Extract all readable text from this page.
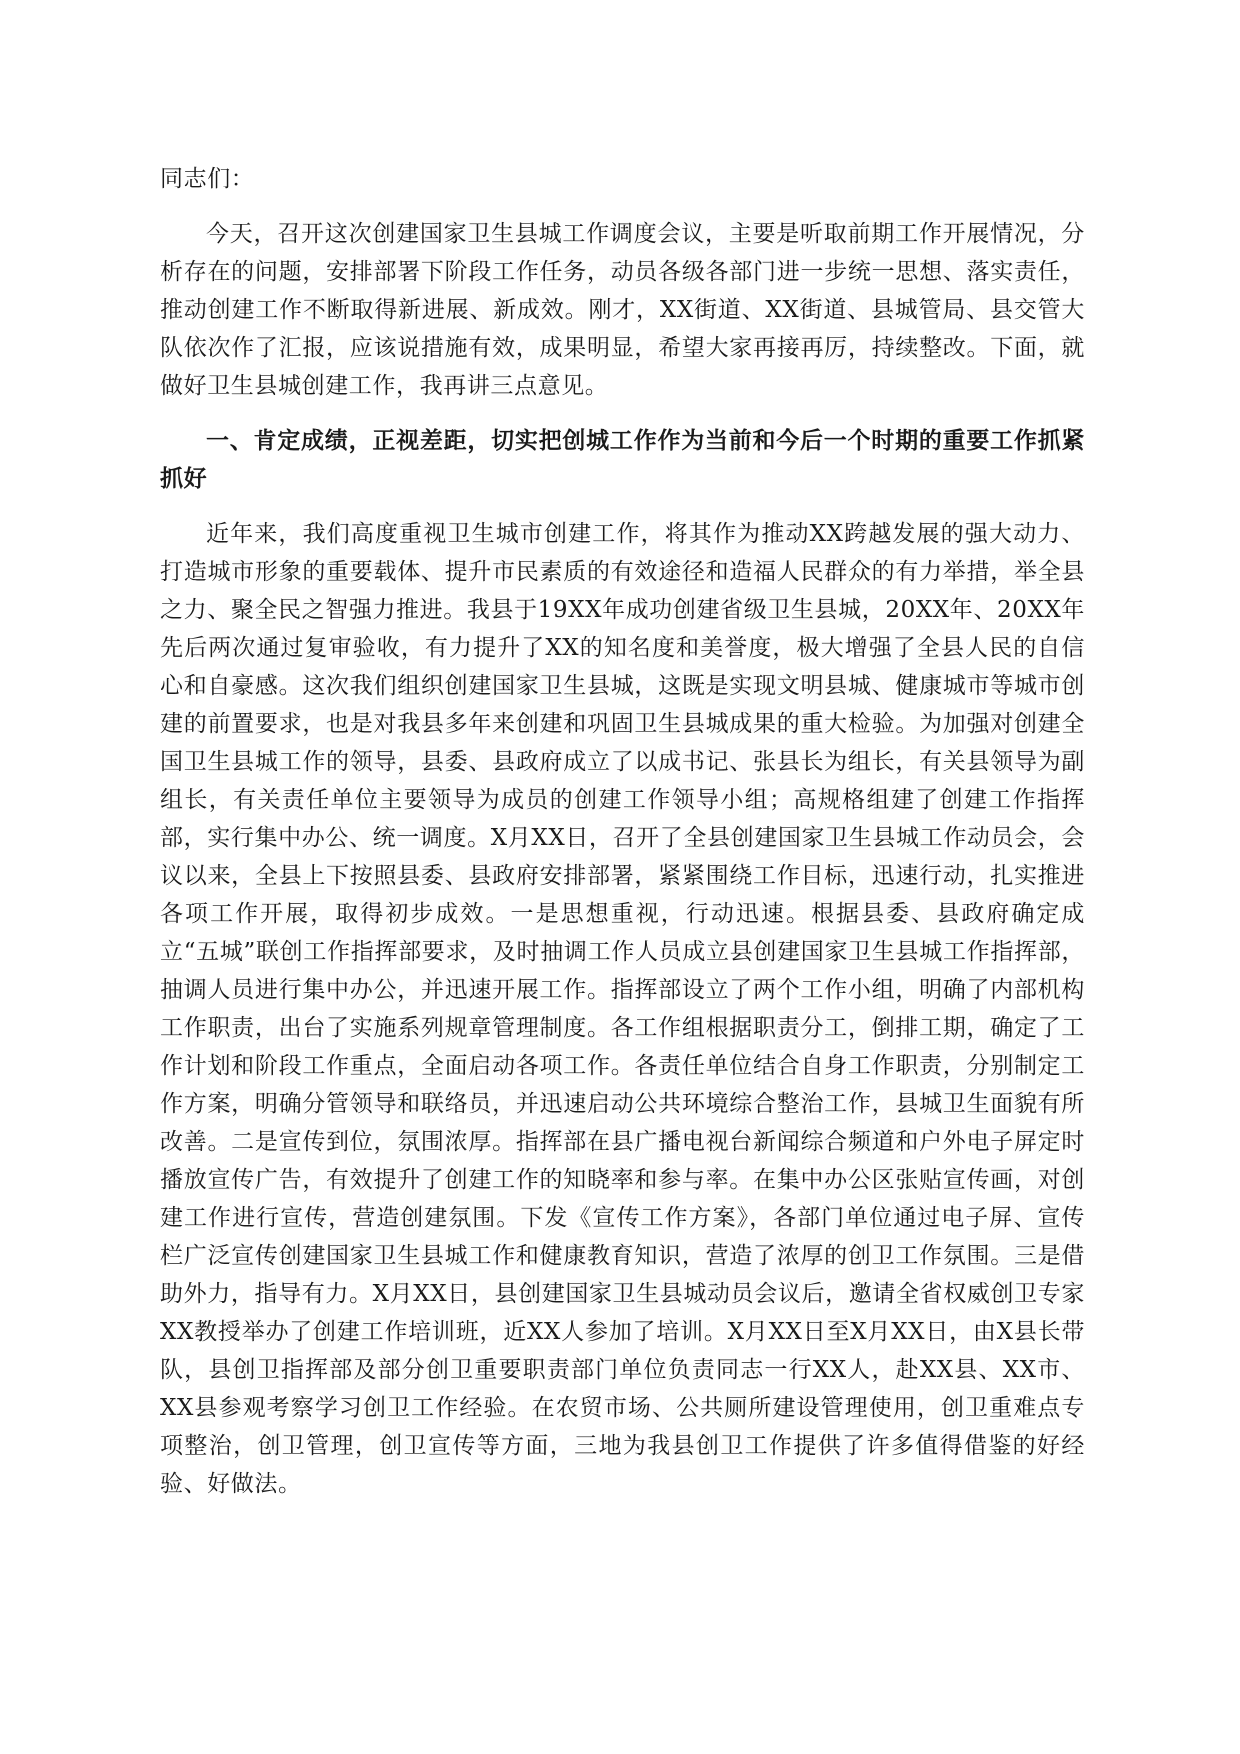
同志们：

今天，召开这次创建国家卫生县城工作调度会议，主要是听取前期工作开展情况，分析存在的问题，安排部署下阶段工作任务，动员各级各部门进一步统一思想、落实责任，推动创建工作不断取得新进展、新成效。刚才，XX街道、XX街道、县城管局、县交管大队依次作了汇报，应该说措施有效，成果明显，希望大家再接再厉，持续整改。下面，就做好卫生县城创建工作，我再讲三点意见。

一、肯定成绩，正视差距，切实把创城工作作为当前和今后一个时期的重要工作抓紧抓好

近年来，我们高度重视卫生城市创建工作，将其作为推动XX跨越发展的强大动力、打造城市形象的重要载体、提升市民素质的有效途径和造福人民群众的有力举措，举全县之力、聚全民之智强力推进。我县于19XX年成功创建省级卫生县城，20XX年、20XX年先后两次通过复审验收，有力提升了XX的知名度和美誉度，极大增强了全县人民的自信心和自豪感。这次我们组织创建国家卫生县城，这既是实现文明县城、健康城市等城市创建的前置要求，也是对我县多年来创建和巩固卫生县城成果的重大检验。为加强对创建全国卫生县城工作的领导，县委、县政府成立了以成书记、张县长为组长，有关县领导为副组长，有关责任单位主要领导为成员的创建工作领导小组；高规格组建了创建工作指挥部，实行集中办公、统一调度。X月XX日，召开了全县创建国家卫生县城工作动员会，会议以来，全县上下按照县委、县政府安排部署，紧紧围绕工作目标，迅速行动，扎实推进各项工作开展，取得初步成效。一是思想重视，行动迅速。根据县委、县政府确定成立“五城”联创工作指挥部要求，及时抽调工作人员成立县创建国家卫生县城工作指挥部，抽调人员进行集中办公，并迅速开展工作。指挥部设立了两个工作小组，明确了内部机构工作职责，出台了实施系列规章管理制度。各工作组根据职责分工，倒排工期，确定了工作计划和阶段工作重点，全面启动各项工作。各责任单位结合自身工作职责，分别制定工作方案，明确分管领导和联络员，并迅速启动公共环境综合整治工作，县城卫生面貌有所改善。二是宣传到位，氛围浓厚。指挥部在县广播电视台新闻综合频道和户外电子屏定时播放宣传广告，有效提升了创建工作的知晓率和参与率。在集中办公区张贴宣传画，对创建工作进行宣传，营造创建氛围。下发《宣传工作方案》，各部门单位通过电子屏、宣传栏广泛宣传创建国家卫生县城工作和健康教育知识，营造了浓厚的创卫工作氛围。三是借助外力，指导有力。X月XX日，县创建国家卫生县城动员会议后，邀请全省权威创卫专家XX教授举办了创建工作培训班，近XX人参加了培训。X月XX日至X月XX日，由X县长带队，县创卫指挥部及部分创卫重要职责部门单位负责同志一行XX人，赴XX县、XX市、XX县参观考察学习创卫工作经验。在农贸市场、公共厕所建设管理使用，创卫重难点专项整治，创卫管理，创卫宣传等方面，三地为我县创卫工作提供了许多值得借鉴的好经验、好做法。
